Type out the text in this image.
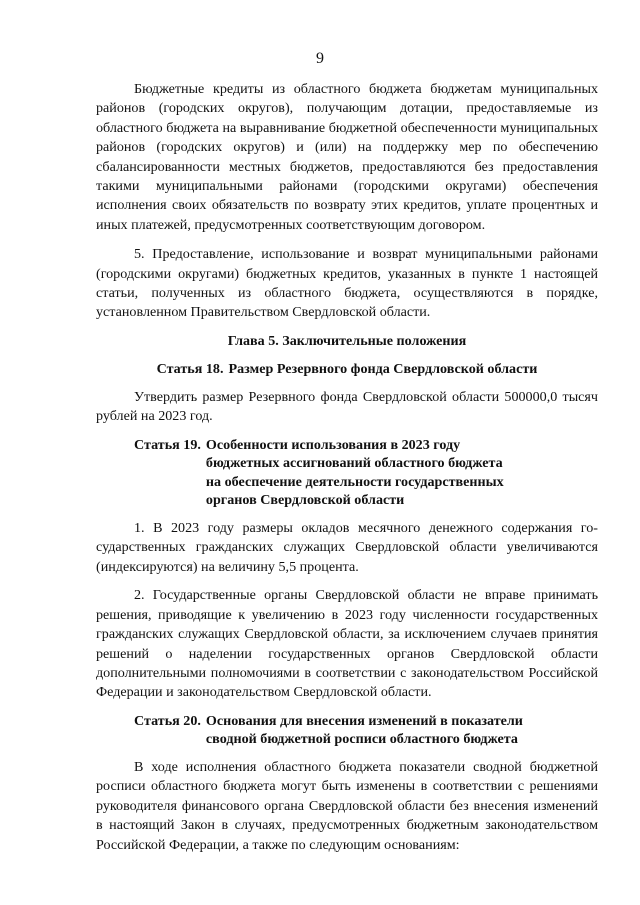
9

Бюджетные кредиты из областного бюджета бюджетам муниципальных районов (городских округов), получающим дотации, предоставляемые из областного бюджета на выравнивание бюджетной обеспеченности муниципальных районов (городских округов) и (или) на поддержку мер по обеспечению сбалансированности местных бюджетов, предоставляются без предоставления такими муниципальными районами (городскими округами) обеспечения исполнения своих обязательств по возврату этих кредитов, уплате процентных и иных платежей, предусмотренных соответствующим договором.

5. Предоставление, использование и возврат муниципальными районами (городскими округами) бюджетных кредитов, указанных в пункте 1 настоящей статьи, полученных из областного бюджета, осуществляются в порядке, установленном Правительством Свердловской области.

Глава 5. Заключительные положения

Статья 18. Размер Резервного фонда Свердловской области

Утвердить размер Резервного фонда Свердловской области 500000,0 тысяч рублей на 2023 год.

Статья 19. Особенности использования в 2023 году
бюджетных ассигнований областного бюджета
на обеспечение деятельности государственных
органов Свердловской области

1. В 2023 году размеры окладов месячного денежного содержания государственных гражданских служащих Свердловской области увеличиваются (индексируются) на величину 5,5 процента.

2. Государственные органы Свердловской области не вправе принимать решения, приводящие к увеличению в 2023 году численности государственных гражданских служащих Свердловской области, за исключением случаев принятия решений о наделении государственных органов Свердловской области дополнительными полномочиями в соответствии с законодательством Российской Федерации и законодательством Свердловской области.

Статья 20. Основания для внесения изменений в показатели
сводной бюджетной росписи областного бюджета

В ходе исполнения областного бюджета показатели сводной бюджетной росписи областного бюджета могут быть изменены в соответствии с решениями руководителя финансового органа Свердловской области без внесения изменений в настоящий Закон в случаях, предусмотренных бюджетным законодательством Российской Федерации, а также по следующим основаниям:
